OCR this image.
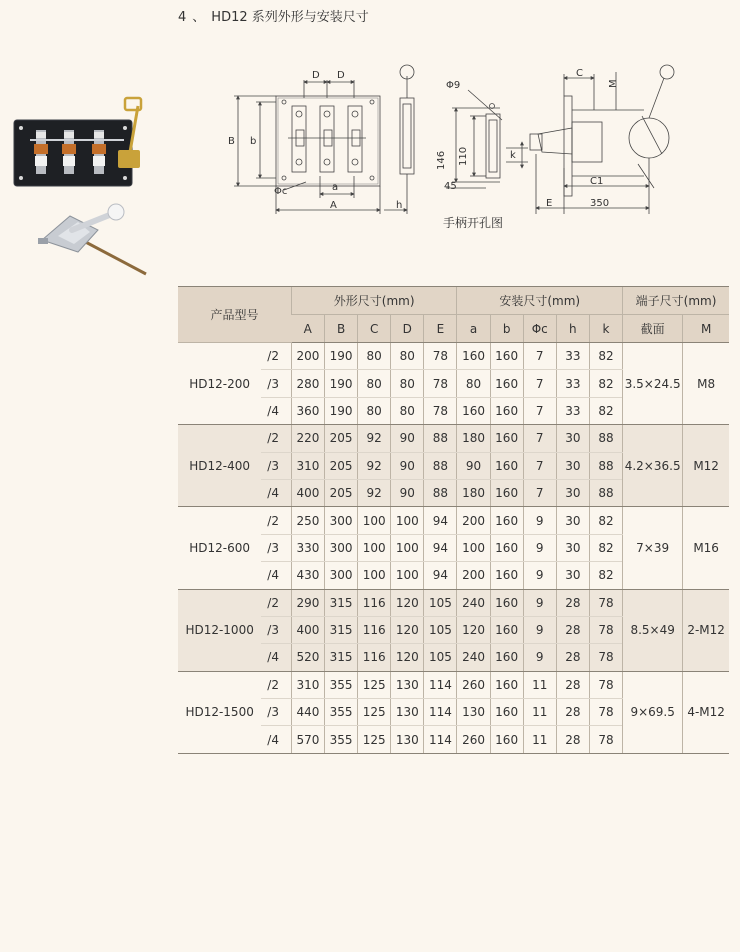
4 、 HD12 系列外形与安装尺寸
D D
B b
Φc	a
A	h
Φ9
146 110
45
k
C
M
C1
E	350
手柄开孔图
产品型号		外形尺寸(mm)					安装尺寸(mm)					端子尺寸(mm)	
		A	B	C	D	E	a	b	Φc	h	k	截面	M
HD12-200	/2	200	190	80	80	78	160	160	7	33	82	3.5×24.5	M8
	/3	280	190	80	80	78	80	160	7	33	82		
	/4	360	190	80	80	78	160	160	7	33	82		
HD12-400	/2	220	205	92	90	88	180	160	7	30	88	4.2×36.5	M12
	/3	310	205	92	90	88	90	160	7	30	88		
	/4	400	205	92	90	88	180	160	7	30	88		
HD12-600	/2	250	300	100	100	94	200	160	9	30	82	7×39	M16
	/3	330	300	100	100	94	100	160	9	30	82		
	/4	430	300	100	100	94	200	160	9	30	82		
HD12-1000	/2	290	315	116	120	105	240	160	9	28	78	8.5×49	2-M12
	/3	400	315	116	120	105	120	160	9	28	78		
	/4	520	315	116	120	105	240	160	9	28	78		
HD12-1500	/2	310	355	125	130	114	260	160	11	28	78	9×69.5	4-M12
	/3	440	355	125	130	114	130	160	11	28	78		
	/4	570	355	125	130	114	260	160	11	28	78		
